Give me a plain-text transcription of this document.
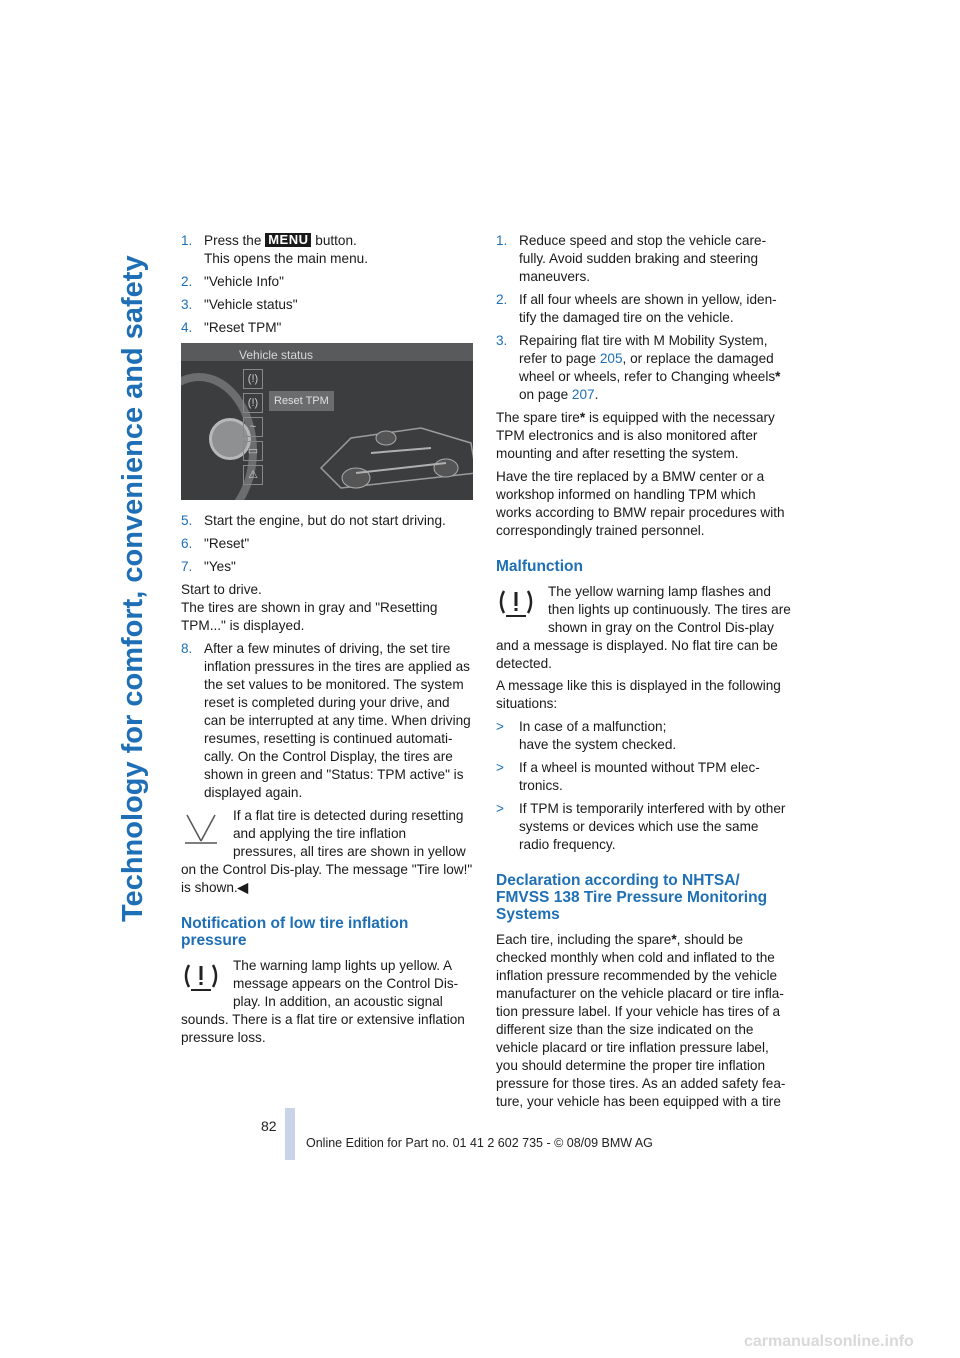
Technology for comfort, convenience and safety
1. Press the MENU button.
This opens the main menu.
2. "Vehicle Info"
3. "Vehicle status"
4. "Reset TPM"
Vehicle status
(!)
(!)
~
▭
⚠
Reset TPM
5. Start the engine, but do not start driving.
6. "Reset"
7. "Yes"

Start to drive.

The tires are shown in gray and "Resetting TPM..." is displayed.

8. After a few minutes of driving, the set tire inflation pressures in the tires are applied as the set values to be monitored. The system reset is completed during your drive, and can be interrupted at any time. When driving resumes, resetting is continued automati-cally. On the Control Display, the tires are shown in green and "Status: TPM active" is displayed again.
If a flat tire is detected during resetting and applying the tire inflation pressures, all tires are shown in yellow on the Control Dis-play. The message "Tire low!" is shown.◀
Notification of low tire inflation pressure
The warning lamp lights up yellow. A message appears on the Control Dis-play. In addition, an acoustic signal sounds. There is a flat tire or extensive inflation pressure loss.
1. Reduce speed and stop the vehicle care-fully. Avoid sudden braking and steering maneuvers.
2. If all four wheels are shown in yellow, iden-tify the damaged tire on the vehicle.
3. Repairing flat tire with M Mobility System, refer to page 205, or replace the damaged wheel or wheels, refer to Changing wheels* on page 207.

The spare tire* is equipped with the necessary TPM electronics and is also monitored after mounting and after resetting the system.

Have the tire replaced by a BMW center or a workshop informed on handling TPM which works according to BMW repair procedures with correspondingly trained personnel.

Malfunction
The yellow warning lamp flashes and then lights up continuously. The tires are shown in gray on the Control Dis-play and a message is displayed. No flat tire can be detected.

A message like this is displayed in the following situations:

> In case of a malfunction;
have the system checked.
> If a wheel is mounted without TPM elec-tronics.
> If TPM is temporarily interfered with by other systems or devices which use the same radio frequency.
Declaration according to NHTSA/ FMVSS 138 Tire Pressure Monitoring Systems

Each tire, including the spare*, should be checked monthly when cold and inflated to the inflation pressure recommended by the vehicle manufacturer on the vehicle placard or tire infla-tion pressure label. If your vehicle has tires of a different size than the size indicated on the vehicle placard or tire inflation pressure label, you should determine the proper tire inflation pressure for those tires. As an added safety fea-ture, your vehicle has been equipped with a tire

82
Online Edition for Part no. 01 41 2 602 735 - © 08/09 BMW AG
carmanualsonline.info
